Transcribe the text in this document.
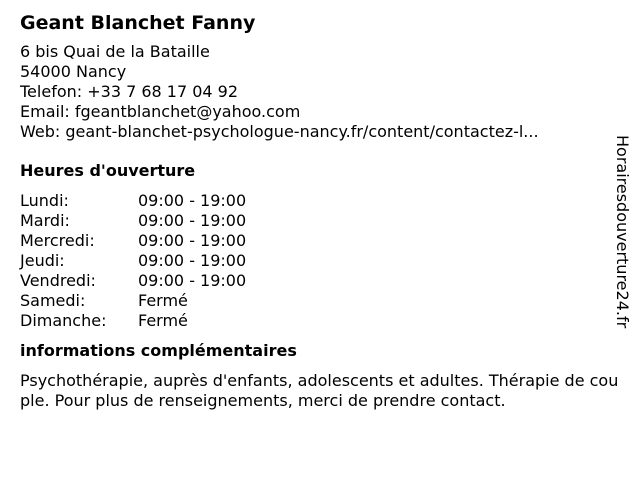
Geant Blanchet Fanny
6 bis Quai de la Bataille
54000 Nancy
Telefon: +33 7 68 17 04 92
Email: fgeantblanchet@yahoo.com
Web: geant-blanchet-psychologue-nancy.fr/content/contactez-l...
Heures d'ouverture
Lundi:	09:00 - 19:00
Mardi:	09:00 - 19:00
Mercredi:	09:00 - 19:00
Jeudi:	09:00 - 19:00
Vendredi:	09:00 - 19:00
Samedi:	Fermé
Dimanche:	Fermé
informations complémentaires
Psychothérapie, auprès d'enfants, adolescents et adultes. Thérapie de couple. Pour plus de renseignements, merci de prendre contact.
Horairesdouverture24.fr
